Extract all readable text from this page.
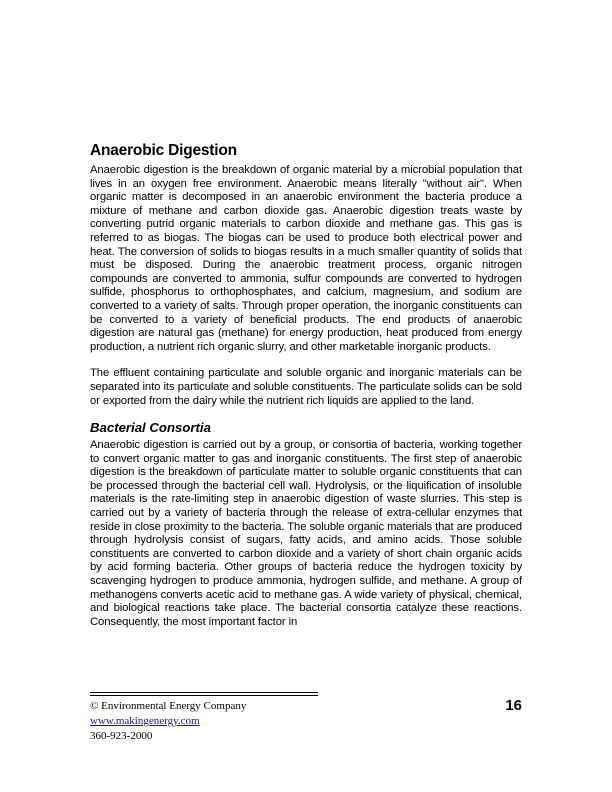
Anaerobic Digestion

Anaerobic digestion is the breakdown of organic material by a microbial population that lives in an oxygen free environment. Anaerobic means literally "without air". When organic matter is decomposed in an anaerobic environment the bacteria produce a mixture of methane and carbon dioxide gas. Anaerobic digestion treats waste by converting putrid organic materials to carbon dioxide and methane gas. This gas is referred to as biogas. The biogas can be used to produce both electrical power and heat. The conversion of solids to biogas results in a much smaller quantity of solids that must be disposed. During the anaerobic treatment process, organic nitrogen compounds are converted to ammonia, sulfur compounds are converted to hydrogen sulfide, phosphorus to orthophosphates, and calcium, magnesium, and sodium are converted to a variety of salts. Through proper operation, the inorganic constituents can be converted to a variety of beneficial products. The end products of anaerobic digestion are natural gas (methane) for energy production, heat produced from energy production, a nutrient rich organic slurry, and other marketable inorganic products.

The effluent containing particulate and soluble organic and inorganic materials can be separated into its particulate and soluble constituents. The particulate solids can be sold or exported from the dairy while the nutrient rich liquids are applied to the land.

Bacterial Consortia

Anaerobic digestion is carried out by a group, or consortia of bacteria, working together to convert organic matter to gas and inorganic constituents. The first step of anaerobic digestion is the breakdown of particulate matter to soluble organic constituents that can be processed through the bacterial cell wall. Hydrolysis, or the liquification of insoluble materials is the rate-limiting step in anaerobic digestion of waste slurries. This step is carried out by a variety of bacteria through the release of extra-cellular enzymes that reside in close proximity to the bacteria. The soluble organic materials that are produced through hydrolysis consist of sugars, fatty acids, and amino acids. Those soluble constituents are converted to carbon dioxide and a variety of short chain organic acids by acid forming bacteria. Other groups of bacteria reduce the hydrogen toxicity by scavenging hydrogen to produce ammonia, hydrogen sulfide, and methane. A group of methanogens converts acetic acid to methane gas. A wide variety of physical, chemical, and biological reactions take place. The bacterial consortia catalyze these reactions. Consequently, the most important factor in

© Environmental Energy Company
www.makingenergy.com
360-923-2000
16
